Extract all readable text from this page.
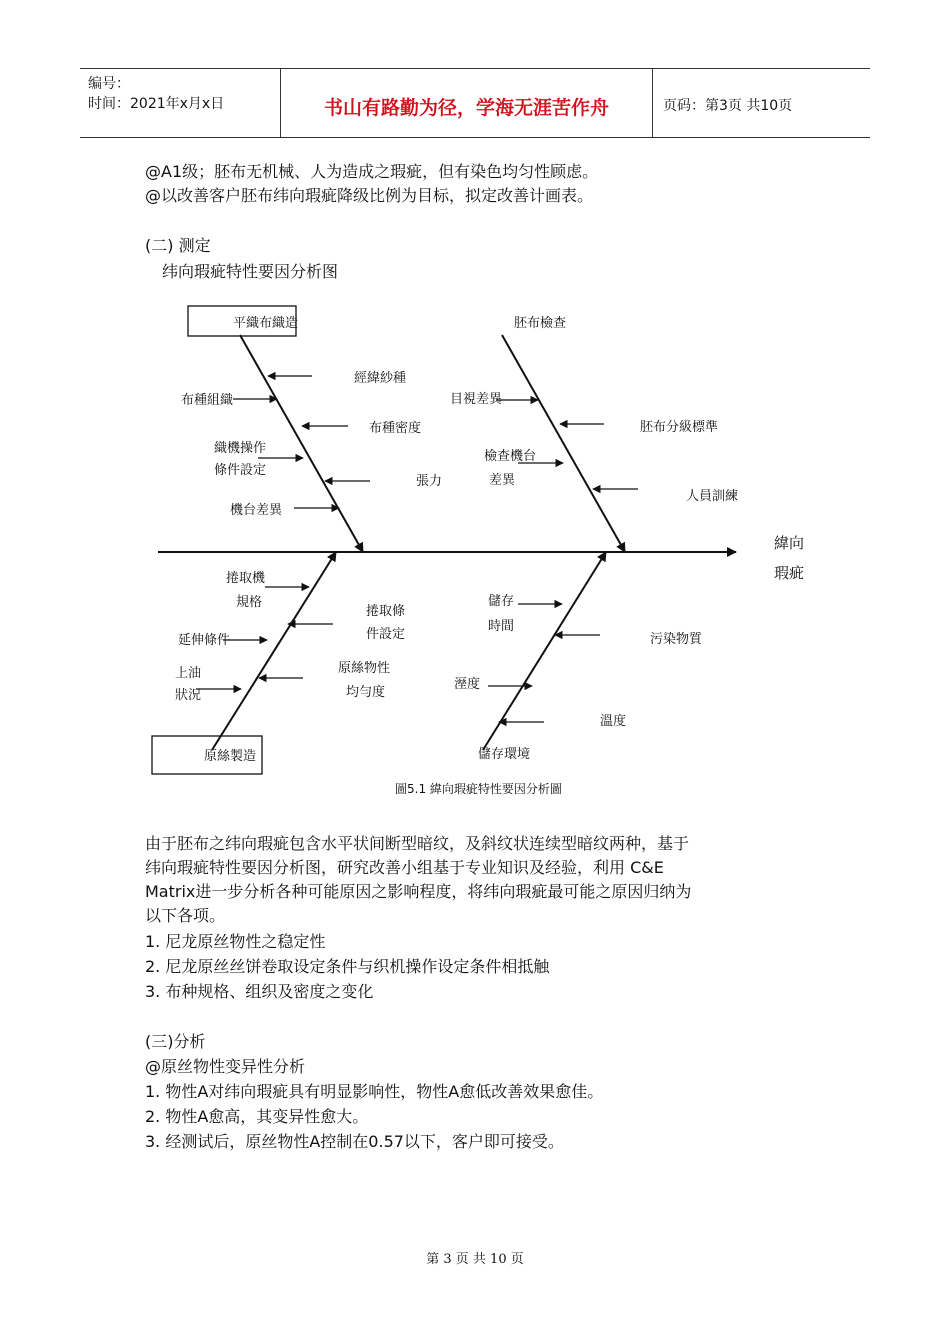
编号：
时间：2021年x月x日	书山有路勤为径，学海无涯苦作舟	页码：第3页 共10页
@A1级；胚布无机械、人为造成之瑕疵，但有染色均匀性顾虑。
@以改善客户胚布纬向瑕疵降级比例为目标，拟定改善计画表。
(二) 测定
纬向瑕疵特性要因分析图
平織布織造	胚布檢查
原絲製造	儲存環境
緯向
瑕疵
經緯紗種
布種組織
布種密度
織機操作
條件設定
張力
機台差異
目視差異
胚布分級標準
檢查機台
差異
人員訓練
捲取機
規格
捲取條
件設定
延伸條件
原絲物性
均勻度
上油
狀況
儲存
時間
污染物質
溼度
溫度
圖5.1 緯向瑕疵特性要因分析圖
由于胚布之纬向瑕疵包含水平状间断型暗纹，及斜纹状连续型暗纹两种，基于
纬向瑕疵特性要因分析图，研究改善小组基于专业知识及经验，利用 C&E
Matrix进一步分析各种可能原因之影响程度，将纬向瑕疵最可能之原因归纳为
以下各项。
1. 尼龙原丝物性之稳定性
2. 尼龙原丝丝饼卷取设定条件与织机操作设定条件相抵触
3. 布种规格、组织及密度之变化
(三)分析
@原丝物性变异性分析
1. 物性A对纬向瑕疵具有明显影响性，物性A愈低改善效果愈佳。
2. 物性A愈高，其变异性愈大。
3. 经测试后，原丝物性A控制在0.57以下，客户即可接受。
第 3 页 共 10 页
